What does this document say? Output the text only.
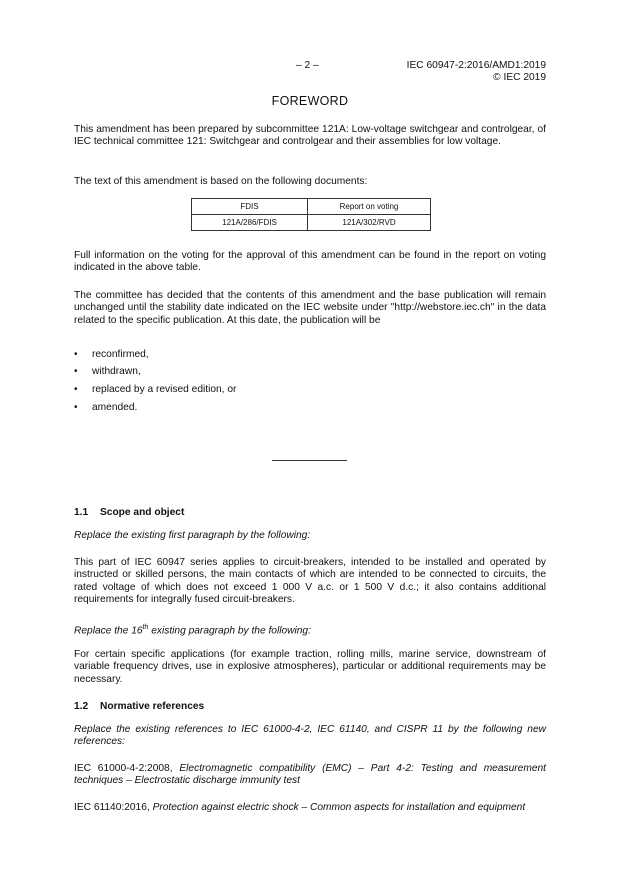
– 2 –	IEC 60947-2:2016/AMD1:2019
© IEC 2019
FOREWORD
This amendment has been prepared by subcommittee 121A: Low-voltage switchgear and controlgear, of IEC technical committee 121: Switchgear and controlgear and their assemblies for low voltage.
The text of this amendment is based on the following documents:
FDIS	Report on voting
121A/286/FDIS	121A/302/RVD
Full information on the voting for the approval of this amendment can be found in the report on voting indicated in the above table.
The committee has decided that the contents of this amendment and the base publication will remain unchanged until the stability date indicated on the IEC website under "http://webstore.iec.ch" in the data related to the specific publication. At this date, the publication will be
• reconfirmed,
• withdrawn,
• replaced by a revised edition, or
• amended.
1.1 Scope and object
Replace the existing first paragraph by the following:
This part of IEC 60947 series applies to circuit-breakers, intended to be installed and operated by instructed or skilled persons, the main contacts of which are intended to be connected to circuits, the rated voltage of which does not exceed 1 000 V a.c. or 1 500 V d.c.; it also contains additional requirements for integrally fused circuit-breakers.
Replace the 16th existing paragraph by the following:
For certain specific applications (for example traction, rolling mills, marine service, downstream of variable frequency drives, use in explosive atmospheres), particular or additional requirements may be necessary.
1.2 Normative references
Replace the existing references to IEC 61000-4-2, IEC 61140, and CISPR 11 by the following new references:
IEC 61000-4-2:2008, Electromagnetic compatibility (EMC) – Part 4-2: Testing and measurement techniques – Electrostatic discharge immunity test
IEC 61140:2016, Protection against electric shock – Common aspects for installation and equipment
